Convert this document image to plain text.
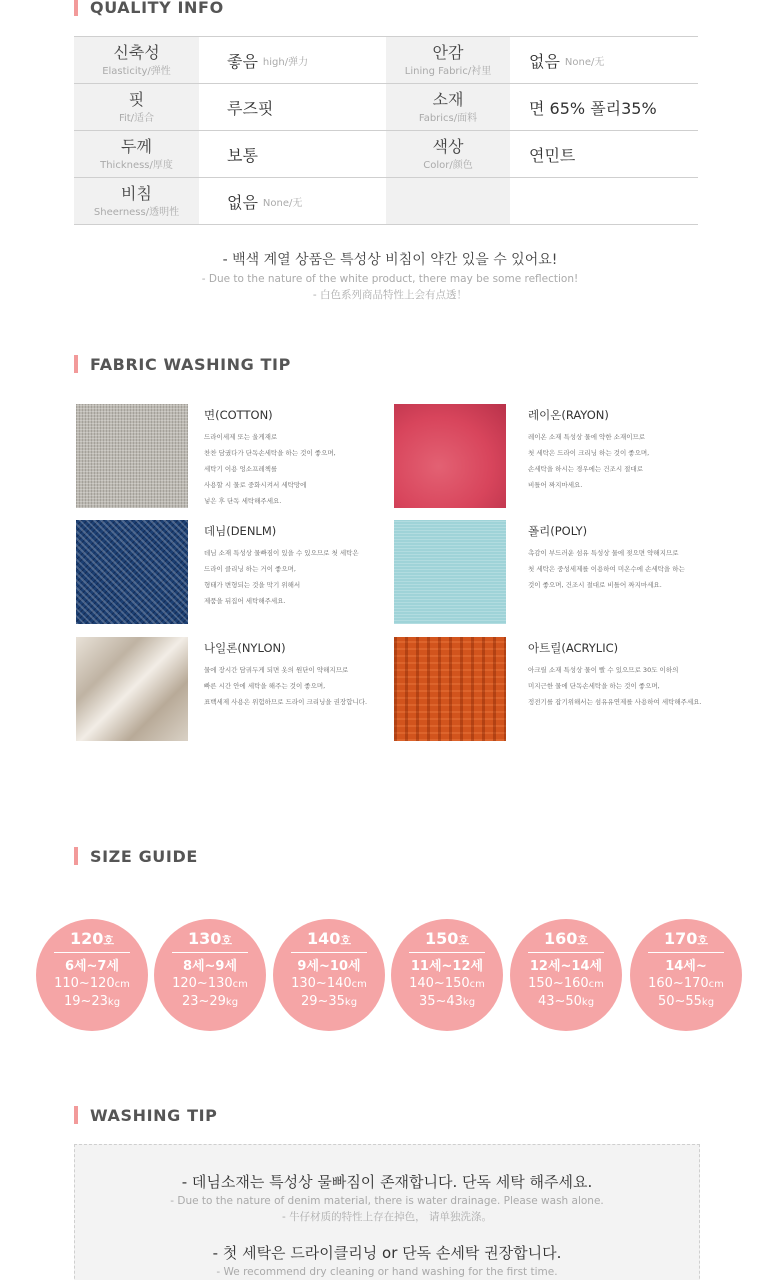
QUALITY INFO
신축성
Elasticity/弹性
좋음 high/弹力
안감
Lining Fabric/衬里
없음 None/无
핏
Fit/适合
루즈핏	소재
Fabrics/面料
면 65% 폴리35%
두께
Thickness/厚度
보통	색상
Color/颜色
연민트
비침
Sheerness/透明性
없음 None/无
- 백색 계열 상품은 특성상 비침이 약간 있을 수 있어요!
- Due to the nature of the white product, there may be some reflection!
- 白色系列商品特性上会有点透！
FABRIC WASHING TIP
면(COTTON)
드라이세제 또는 울게재로
찬찬 담궜다가 단독손세탁을 하는 것이 좋으며,
세탁기 이용 엉소프레첵를
사용할 시 물로 중화시켜서 세탁망에
넣은 후 단독 세탁해주세요.
레이온(RAYON)
레이온 소재 특성상 물에 약한 소재이므로
첫 세탁은 드라이 크리닝 하는 것이 좋으며,
손세탁을 하시는 경우에는 건조시 절대로
비틀어 짜지마세요.
데님(DENLM)
데님 소재 특성상 물빠짐이 있을 수 있으므로 첫 세탁은
드라이 클리닝 하는 거이 좋으며,
형태가 변형되는 것을 막기 위해서
제품을 뒤집어 세탁해주세요.
폴리(POLY)
촉감이 부드러운 섬유 특성상 물에 젖으면 약해지므로
첫 세탁은 중성세제를 이용하여 미온수에 손세탁을 하는
것이 좋으며, 건조시 절대로 비틀어 짜지마세요.
나일론(NYLON)
물에 장시간 담궈두게 되면 옷의 원단이 약해지므로
빠른 시간 안에 세탁을 해주는 것이 좋으며,
표백세제 사용은 위험하므로 드라이 크리닝을 권장합니다.
아트릴(ACRYLIC)
아크릴 소재 특성상 물이 빨 수 있으므로 30도 이하의
미지근한 물에 단독손세탁을 하는 것이 좋으며,
정전기를 잡기위해서는 섬유유연제를 사용하여 세탁해주세요.
SIZE GUIDE
120호
6세~7세
110~120cm
19~23kg
130호
8세~9세
120~130cm
23~29kg
140호
9세~10세
130~140cm
29~35kg
150호
11세~12세
140~150cm
35~43kg
160호
12세~14세
150~160cm
43~50kg
170호
14세~
160~170cm
50~55kg
WASHING TIP
- 데님소재는 특성상 물빠짐이 존재합니다. 단독 세탁 해주세요.
- Due to the nature of denim material, there is water drainage. Please wash alone.
- 牛仔材质的特性上存在掉色， 请单独洗涤。
- 첫 세탁은 드라이클리닝 or 단독 손세탁 권장합니다.
- We recommend dry cleaning or hand washing for the first time.
